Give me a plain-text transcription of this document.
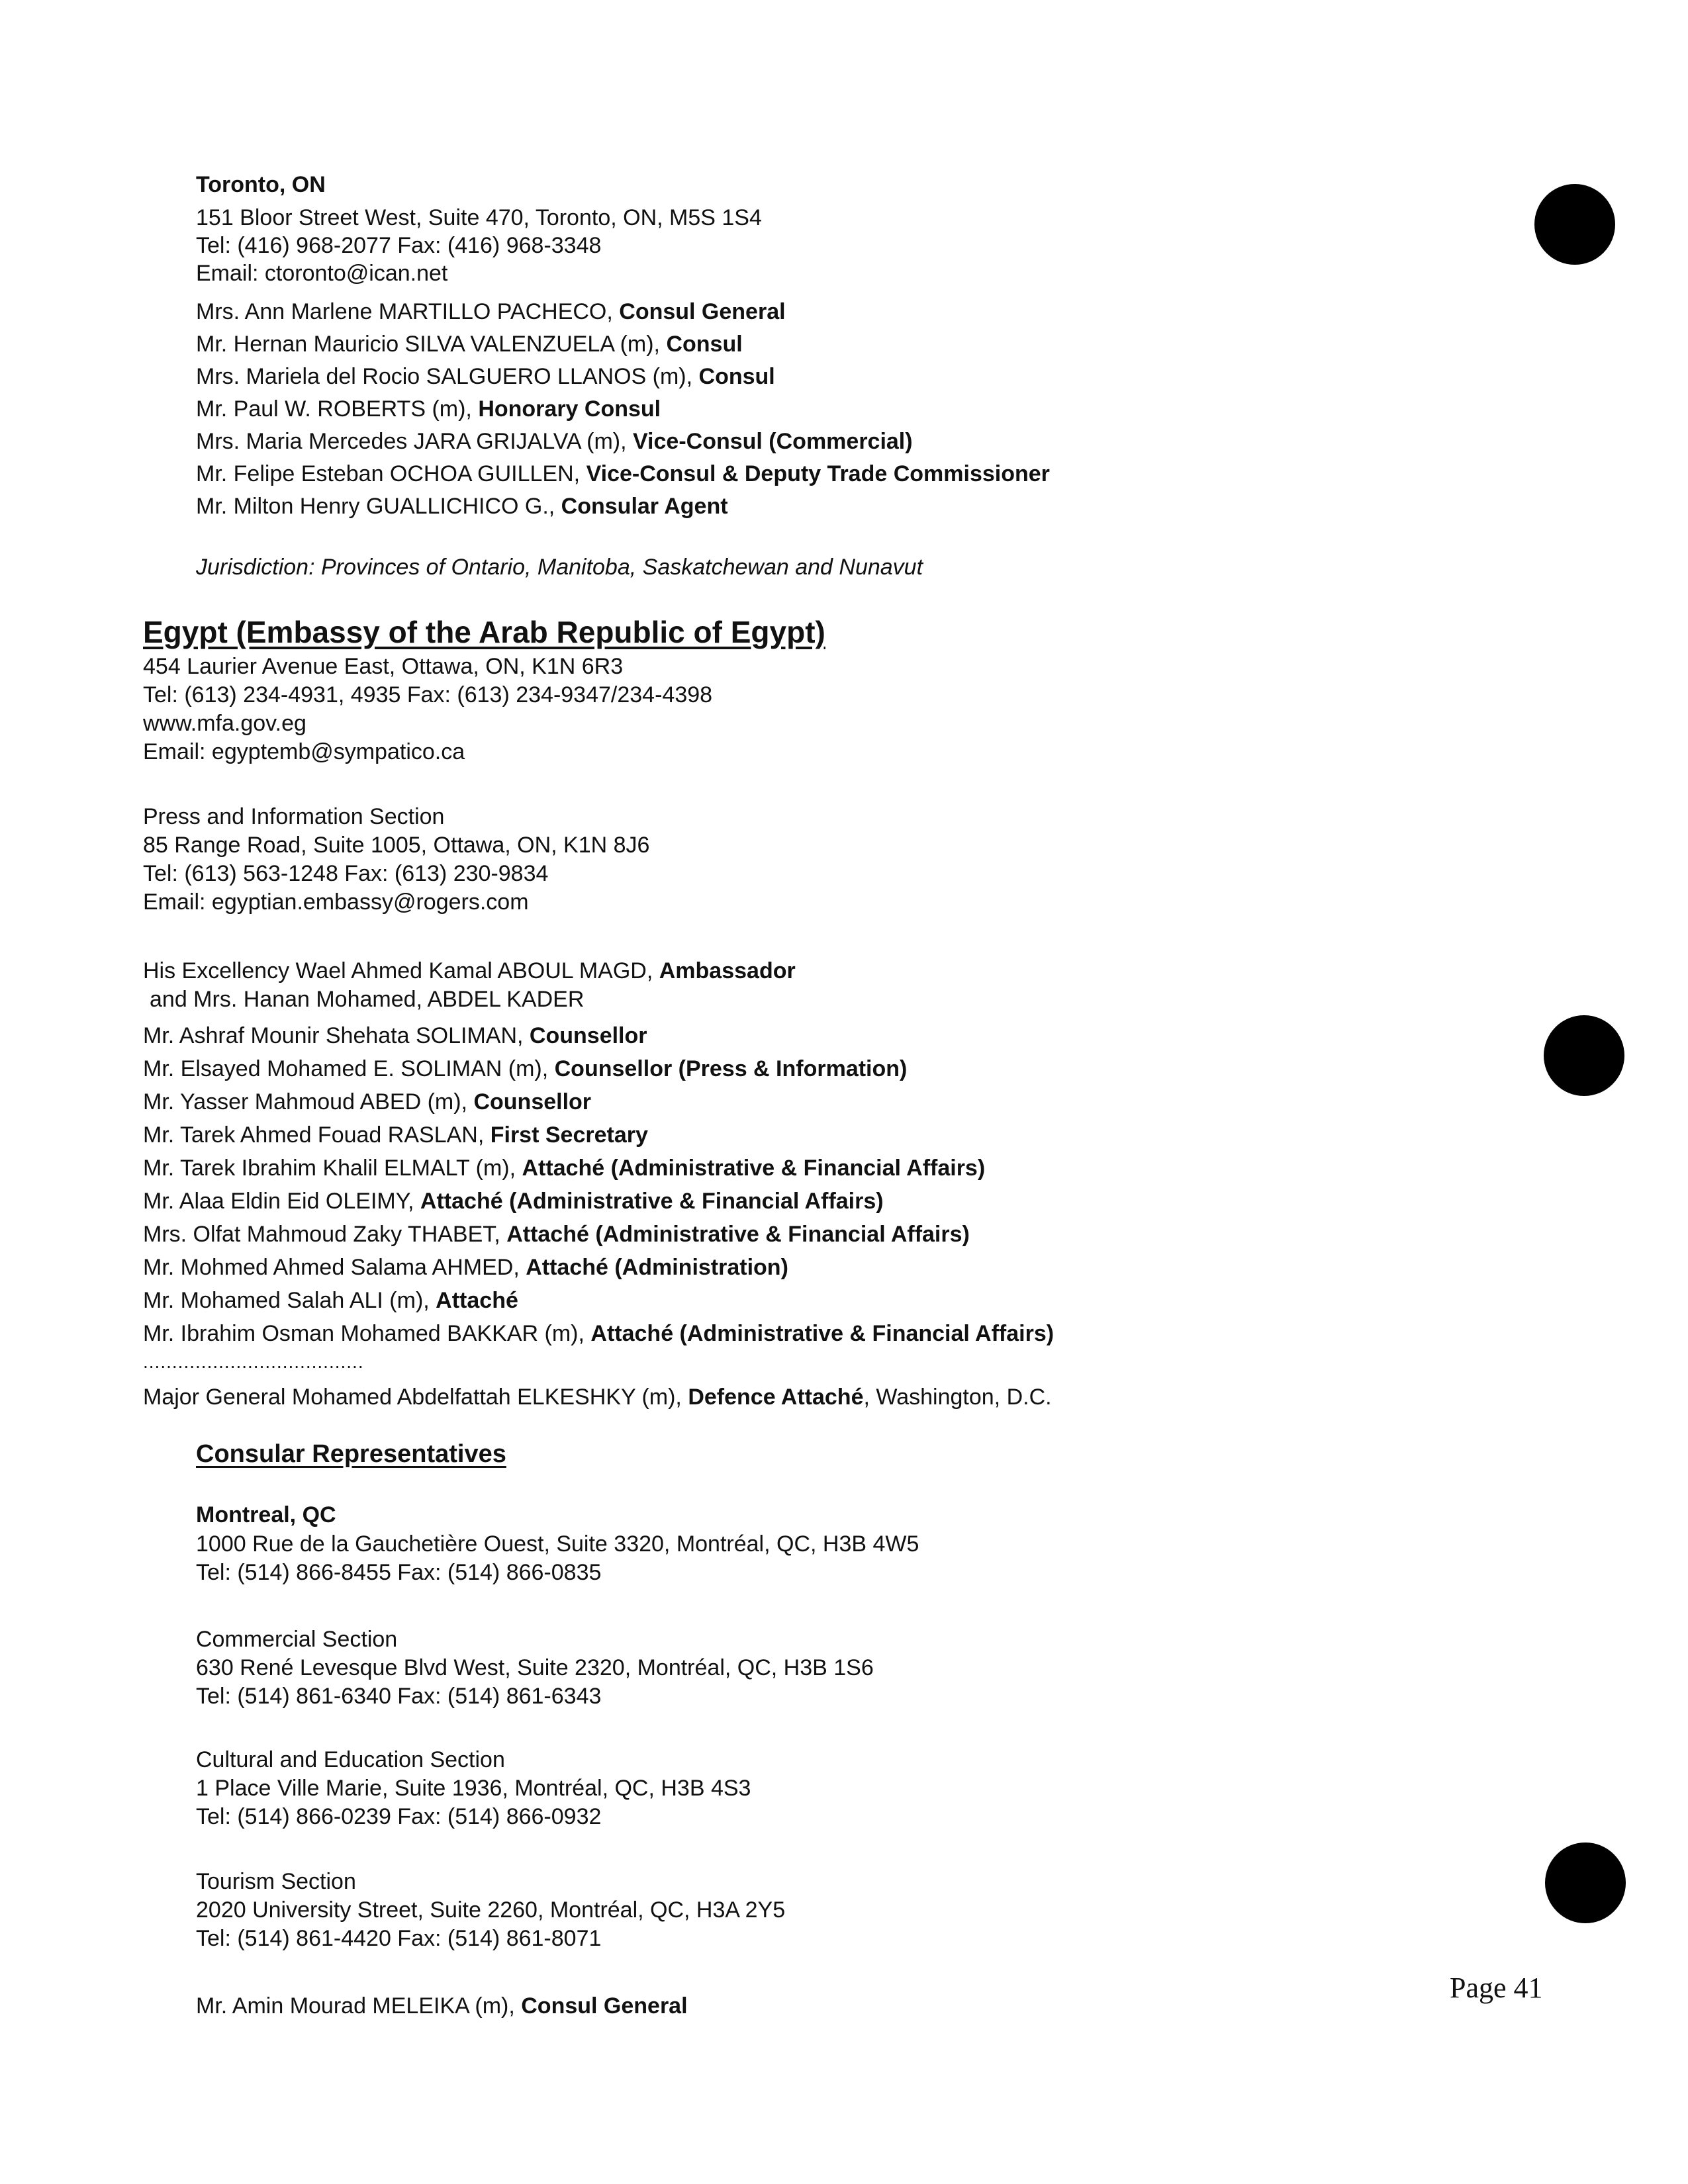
Toronto, ON
151 Bloor Street West, Suite 470, Toronto, ON, M5S 1S4
Tel: (416) 968-2077 Fax: (416) 968-3348
Email: ctoronto@ican.net
Mrs. Ann Marlene MARTILLO PACHECO, Consul General
Mr. Hernan Mauricio SILVA VALENZUELA (m), Consul
Mrs. Mariela del Rocio SALGUERO LLANOS (m), Consul
Mr. Paul W. ROBERTS (m), Honorary Consul
Mrs. Maria Mercedes JARA GRIJALVA (m), Vice-Consul (Commercial)
Mr. Felipe Esteban OCHOA GUILLEN, Vice-Consul & Deputy Trade Commissioner
Mr. Milton Henry GUALLICHICO G., Consular Agent
Jurisdiction: Provinces of Ontario, Manitoba, Saskatchewan and Nunavut
Egypt (Embassy of the Arab Republic of Egypt)
454 Laurier Avenue East, Ottawa, ON, K1N 6R3
Tel: (613) 234-4931, 4935 Fax: (613) 234-9347/234-4398
www.mfa.gov.eg
Email: egyptemb@sympatico.ca
Press and Information Section
85 Range Road, Suite 1005, Ottawa, ON, K1N 8J6
Tel: (613) 563-1248 Fax: (613) 230-9834
Email: egyptian.embassy@rogers.com
His Excellency Wael Ahmed Kamal ABOUL MAGD, Ambassador
and Mrs. Hanan Mohamed, ABDEL KADER
Mr. Ashraf Mounir Shehata SOLIMAN, Counsellor
Mr. Elsayed Mohamed E. SOLIMAN (m), Counsellor (Press & Information)
Mr. Yasser Mahmoud ABED (m), Counsellor
Mr. Tarek Ahmed Fouad RASLAN, First Secretary
Mr. Tarek Ibrahim Khalil ELMALT (m), Attaché (Administrative & Financial Affairs)
Mr. Alaa Eldin Eid OLEIMY, Attaché (Administrative & Financial Affairs)
Mrs. Olfat Mahmoud Zaky THABET, Attaché (Administrative & Financial Affairs)
Mr. Mohmed Ahmed Salama AHMED, Attaché (Administration)
Mr. Mohamed Salah ALI (m), Attaché
Mr. Ibrahim Osman Mohamed BAKKAR (m), Attaché (Administrative & Financial Affairs)
......................................
Major General Mohamed Abdelfattah ELKESHKY (m), Defence Attaché, Washington, D.C.
Consular Representatives
Montreal, QC
1000 Rue de la Gauchetière Ouest, Suite 3320, Montréal, QC, H3B 4W5
Tel: (514) 866-8455 Fax: (514) 866-0835
Commercial Section
630 René Levesque Blvd West, Suite 2320, Montréal, QC, H3B 1S6
Tel: (514) 861-6340 Fax: (514) 861-6343
Cultural and Education Section
1 Place Ville Marie, Suite 1936, Montréal, QC, H3B 4S3
Tel: (514) 866-0239 Fax: (514) 866-0932
Tourism Section
2020 University Street, Suite 2260, Montréal, QC, H3A 2Y5
Tel: (514) 861-4420 Fax: (514) 861-8071
Mr. Amin Mourad MELEIKA (m), Consul General
Page 41
